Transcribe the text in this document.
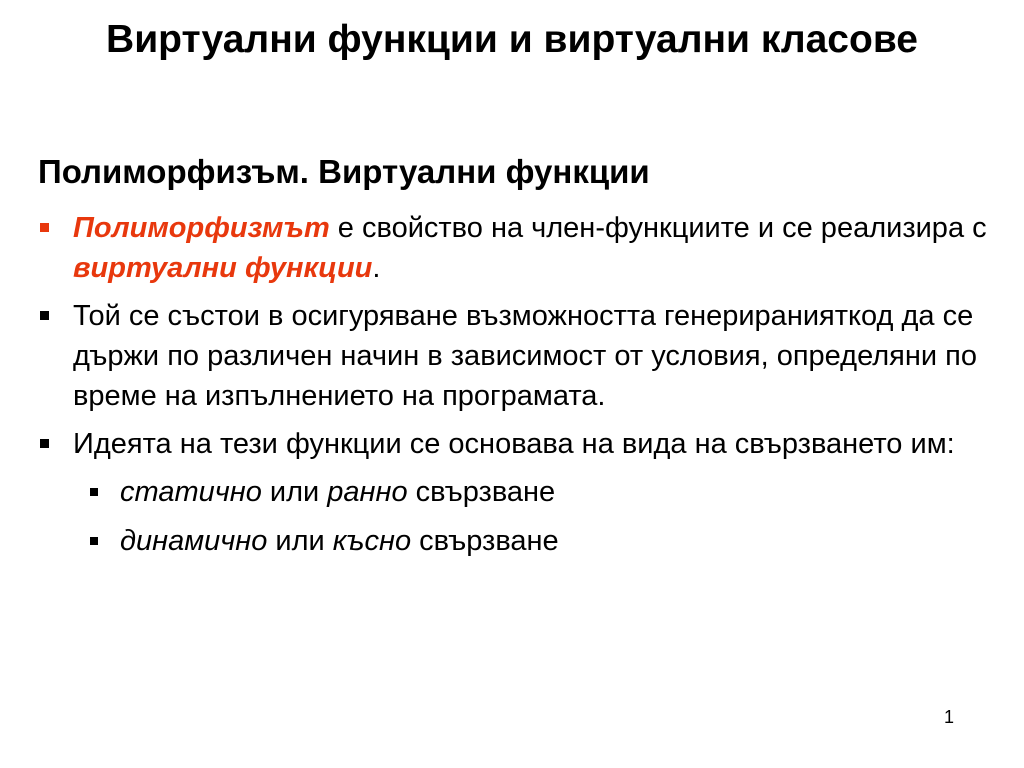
Виртуални функции и виртуални класове
Полиморфизъм. Виртуални функции
Полиморфизмът е свойство на член-функциите и се реализира с виртуални функции.
Той се състои в осигуряване възможността генериранияткод да се държи по различен начин в зависимост от условия, определяни по време на изпълнението на програмата.
Идеята на тези функции се основава на вида на свързването им:
статично или ранно свързване
динамично или късно свързване
1
